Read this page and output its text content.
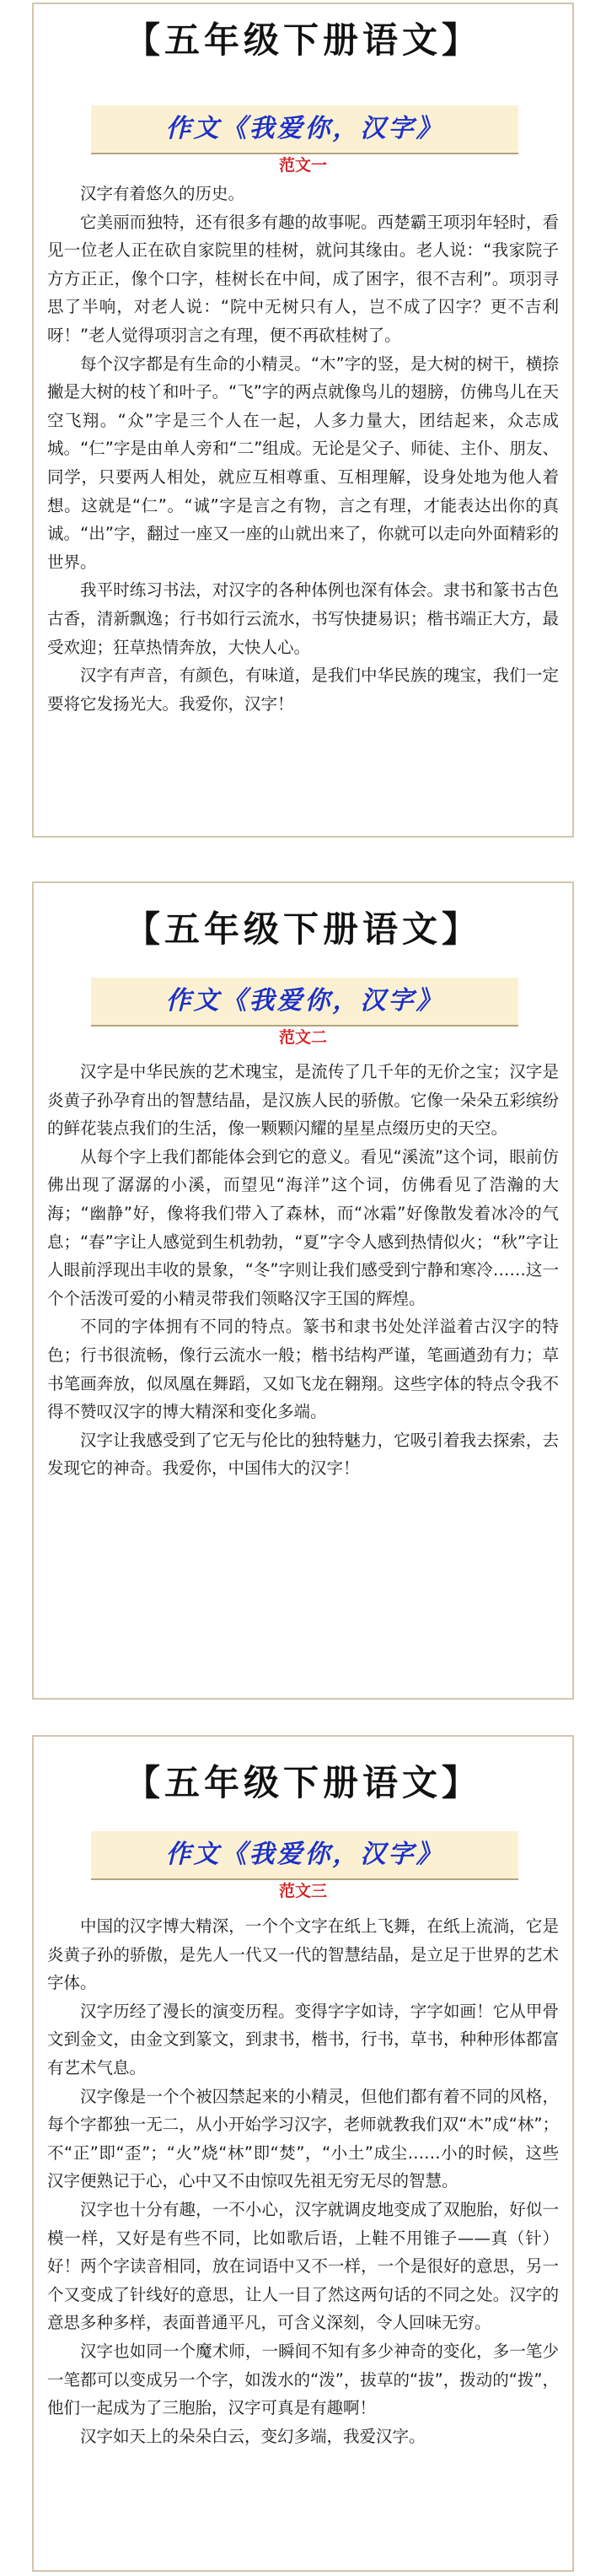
【五年级下册语文】
作文《我爱你，汉字》
范文一

汉字有着悠久的历史。

它美丽而独特，还有很多有趣的故事呢。西楚霸王项羽年轻时，看见一位老人正在砍自家院里的桂树，就问其缘由。老人说：“我家院子方方正正，像个口字，桂树长在中间，成了困字，很不吉利”。项羽寻思了半响，对老人说：“院中无树只有人，岂不成了囚字？更不吉利呀！”老人觉得项羽言之有理，便不再砍桂树了。

每个汉字都是有生命的小精灵。“木”字的竖，是大树的树干，横捺撇是大树的枝丫和叶子。“飞”字的两点就像鸟儿的翅膀，仿佛鸟儿在天空飞翔。“众”字是三个人在一起，人多力量大，团结起来，众志成城。“仁”字是由单人旁和“二”组成。无论是父子、师徒、主仆、朋友、同学，只要两人相处，就应互相尊重、互相理解，设身处地为他人着想。这就是“仁”。“诚”字是言之有物，言之有理，才能表达出你的真诚。“出”字，翻过一座又一座的山就出来了，你就可以走向外面精彩的世界。

我平时练习书法，对汉字的各种体例也深有体会。隶书和篆书古色古香，清新飘逸；行书如行云流水，书写快捷易识；楷书端正大方，最受欢迎；狂草热情奔放，大快人心。

汉字有声音，有颜色，有味道，是我们中华民族的瑰宝，我们一定要将它发扬光大。我爱你，汉字！

【五年级下册语文】
作文《我爱你，汉字》
范文二

汉字是中华民族的艺术瑰宝，是流传了几千年的无价之宝；汉字是炎黄子孙孕育出的智慧结晶，是汉族人民的骄傲。它像一朵朵五彩缤纷的鲜花装点我们的生活，像一颗颗闪耀的星星点缀历史的天空。

从每个字上我们都能体会到它的意义。看见“溪流”这个词，眼前仿佛出现了潺潺的小溪，而望见“海洋”这个词，仿佛看见了浩瀚的大海；“幽静”好，像将我们带入了森林，而“冰霜”好像散发着冰冷的气息；“春”字让人感觉到生机勃勃，“夏”字令人感到热情似火；“秋”字让人眼前浮现出丰收的景象，“冬”字则让我们感受到宁静和寒冷……这一个个活泼可爱的小精灵带我们领略汉字王国的辉煌。

不同的字体拥有不同的特点。篆书和隶书处处洋溢着古汉字的特色；行书很流畅，像行云流水一般；楷书结构严谨，笔画遒劲有力；草书笔画奔放，似凤凰在舞蹈，又如飞龙在翱翔。这些字体的特点令我不得不赞叹汉字的博大精深和变化多端。

汉字让我感受到了它无与伦比的独特魅力，它吸引着我去探索，去发现它的神奇。我爱你，中国伟大的汉字！

【五年级下册语文】
作文《我爱你，汉字》
范文三

中国的汉字博大精深，一个个文字在纸上飞舞，在纸上流淌，它是炎黄子孙的骄傲，是先人一代又一代的智慧结晶，是立足于世界的艺术字体。

汉字历经了漫长的演变历程。变得字字如诗，字字如画！它从甲骨文到金文，由金文到篆文，到隶书，楷书，行书，草书，种种形体都富有艺术气息。

汉字像是一个个被囚禁起来的小精灵，但他们都有着不同的风格，每个字都独一无二，从小开始学习汉字，老师就教我们双“木”成“林”；不“正”即“歪”；“火”烧“林”即“焚”，“小土”成尘……小的时候，这些汉字便熟记于心，心中又不由惊叹先祖无穷无尽的智慧。

汉字也十分有趣，一不小心，汉字就调皮地变成了双胞胎，好似一模一样，又好是有些不同，比如歌后语，上鞋不用锥子——真（针）好！两个字读音相同，放在词语中又不一样，一个是很好的意思，另一个又变成了针线好的意思，让人一目了然这两句话的不同之处。汉字的意思多种多样，表面普通平凡，可含义深刻，令人回味无穷。

汉字也如同一个魔术师，一瞬间不知有多少神奇的变化，多一笔少一笔都可以变成另一个字，如泼水的“泼”，拔草的“拔”，拨动的“拨”，他们一起成为了三胞胎，汉字可真是有趣啊！

汉字如天上的朵朵白云，变幻多端，我爱汉字。
